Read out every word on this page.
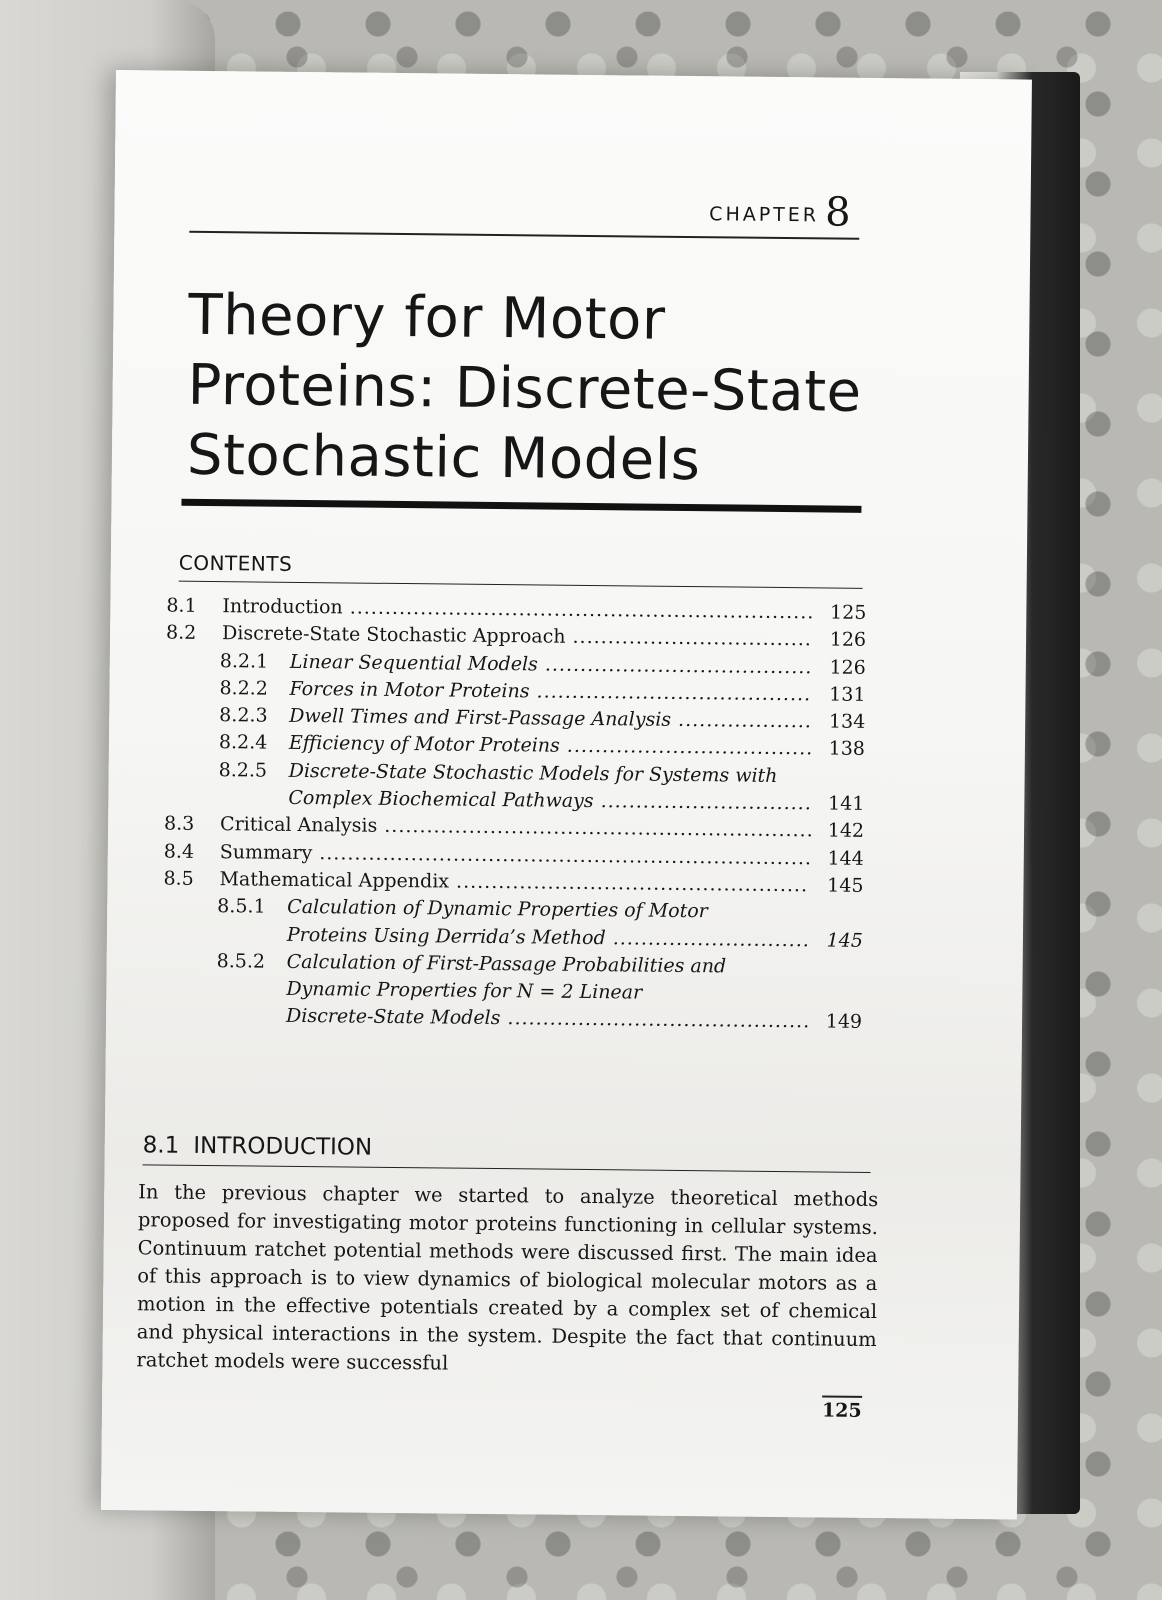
CHAPTER 8
Theory for Motor
Proteins: Discrete-State
Stochastic Models
CONTENTS
8.1 Introduction .................................................................. 125
8.2 Discrete-State Stochastic Approach .................................. 126
8.2.1 Linear Sequential Models ...................................... 126
8.2.2 Forces in Motor Proteins ....................................... 131
8.2.3 Dwell Times and First-Passage Analysis ................... 134
8.2.4 Efficiency of Motor Proteins ................................... 138
8.2.5 Discrete-State Stochastic Models for Systems with
Complex Biochemical Pathways .............................. 141
8.3 Critical Analysis ............................................................. 142
8.4 Summary ...................................................................... 144
8.5 Mathematical Appendix .................................................. 145
8.5.1 Calculation of Dynamic Properties of Motor
Proteins Using Derrida’s Method ............................ 145
8.5.2 Calculation of First-Passage Probabilities and
Dynamic Properties for N = 2 Linear
Discrete-State Models ........................................... 149
8.1 INTRODUCTION

In the previous chapter we started to analyze theoretical methods proposed for investigating motor proteins functioning in cellular systems. Continuum ratchet potential methods were discussed first. The main idea of this approach is to view dynamics of biological molecular motors as a motion in the effective potentials created by a complex set of chemical and physical interactions in the system. Despite the fact that continuum ratchet models were successful

125
